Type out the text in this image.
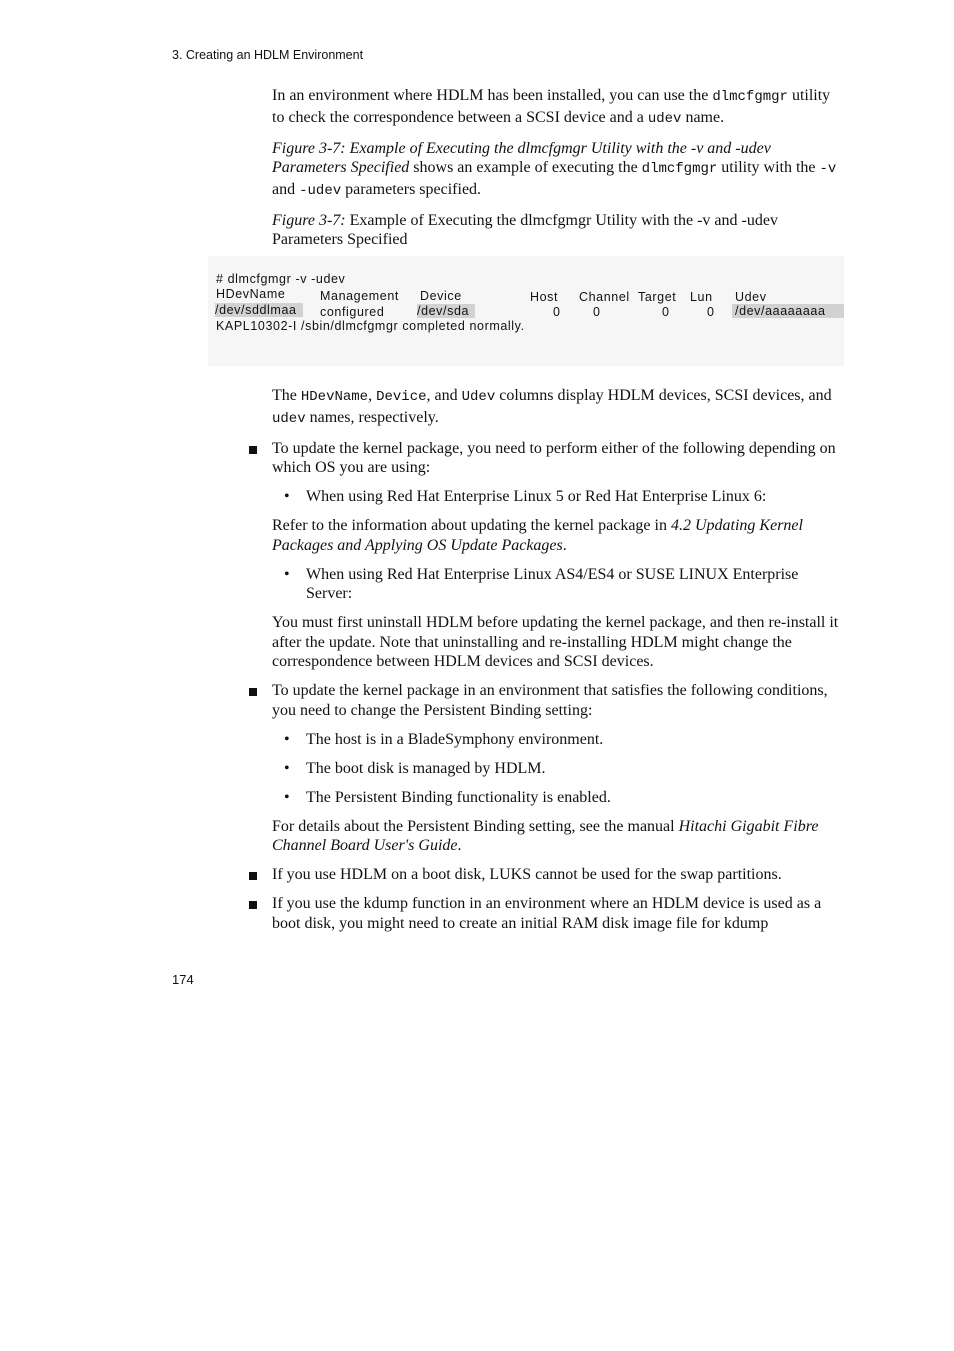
3. Creating an HDLM Environment

In an environment where HDLM has been installed, you can use the dlmcfgmgr utility to check the correspondence between a SCSI device and a udev name.

Figure 3-7: Example of Executing the dlmcfgmgr Utility with the -v and -udev Parameters Specified shows an example of executing the dlmcfgmgr utility with the -v and -udev parameters specified.

Figure 3-7: Example of Executing the dlmcfgmgr Utility with the -v and -udev Parameters Specified

# dlmcfgmgr -v -udev
HDevName	Management Device	Host Channel Target Lun Udev
/dev/sddlmaa	configured	/dev/sda	0	0	0	0 /dev/aaaaaaaa
KAPL10302-I /sbin/dlmcfgmgr completed normally.

The HDevName, Device, and Udev columns display HDLM devices, SCSI devices, and udev names, respectively.

To update the kernel package, you need to perform either of the following depending on which OS you are using:
• When using Red Hat Enterprise Linux 5 or Red Hat Enterprise Linux 6:

Refer to the information about updating the kernel package in 4.2 Updating Kernel Packages and Applying OS Update Packages.

• When using Red Hat Enterprise Linux AS4/ES4 or SUSE LINUX Enterprise Server:

You must first uninstall HDLM before updating the kernel package, and then re-install it after the update. Note that uninstalling and re-installing HDLM might change the correspondence between HDLM devices and SCSI devices.

To update the kernel package in an environment that satisfies the following conditions, you need to change the Persistent Binding setting:
• The host is in a BladeSymphony environment.
• The boot disk is managed by HDLM.
• The Persistent Binding functionality is enabled.

For details about the Persistent Binding setting, see the manual Hitachi Gigabit Fibre Channel Board User's Guide.

If you use HDLM on a boot disk, LUKS cannot be used for the swap partitions.
If you use the kdump function in an environment where an HDLM device is used as a boot disk, you might need to create an initial RAM disk image file for kdump
174
